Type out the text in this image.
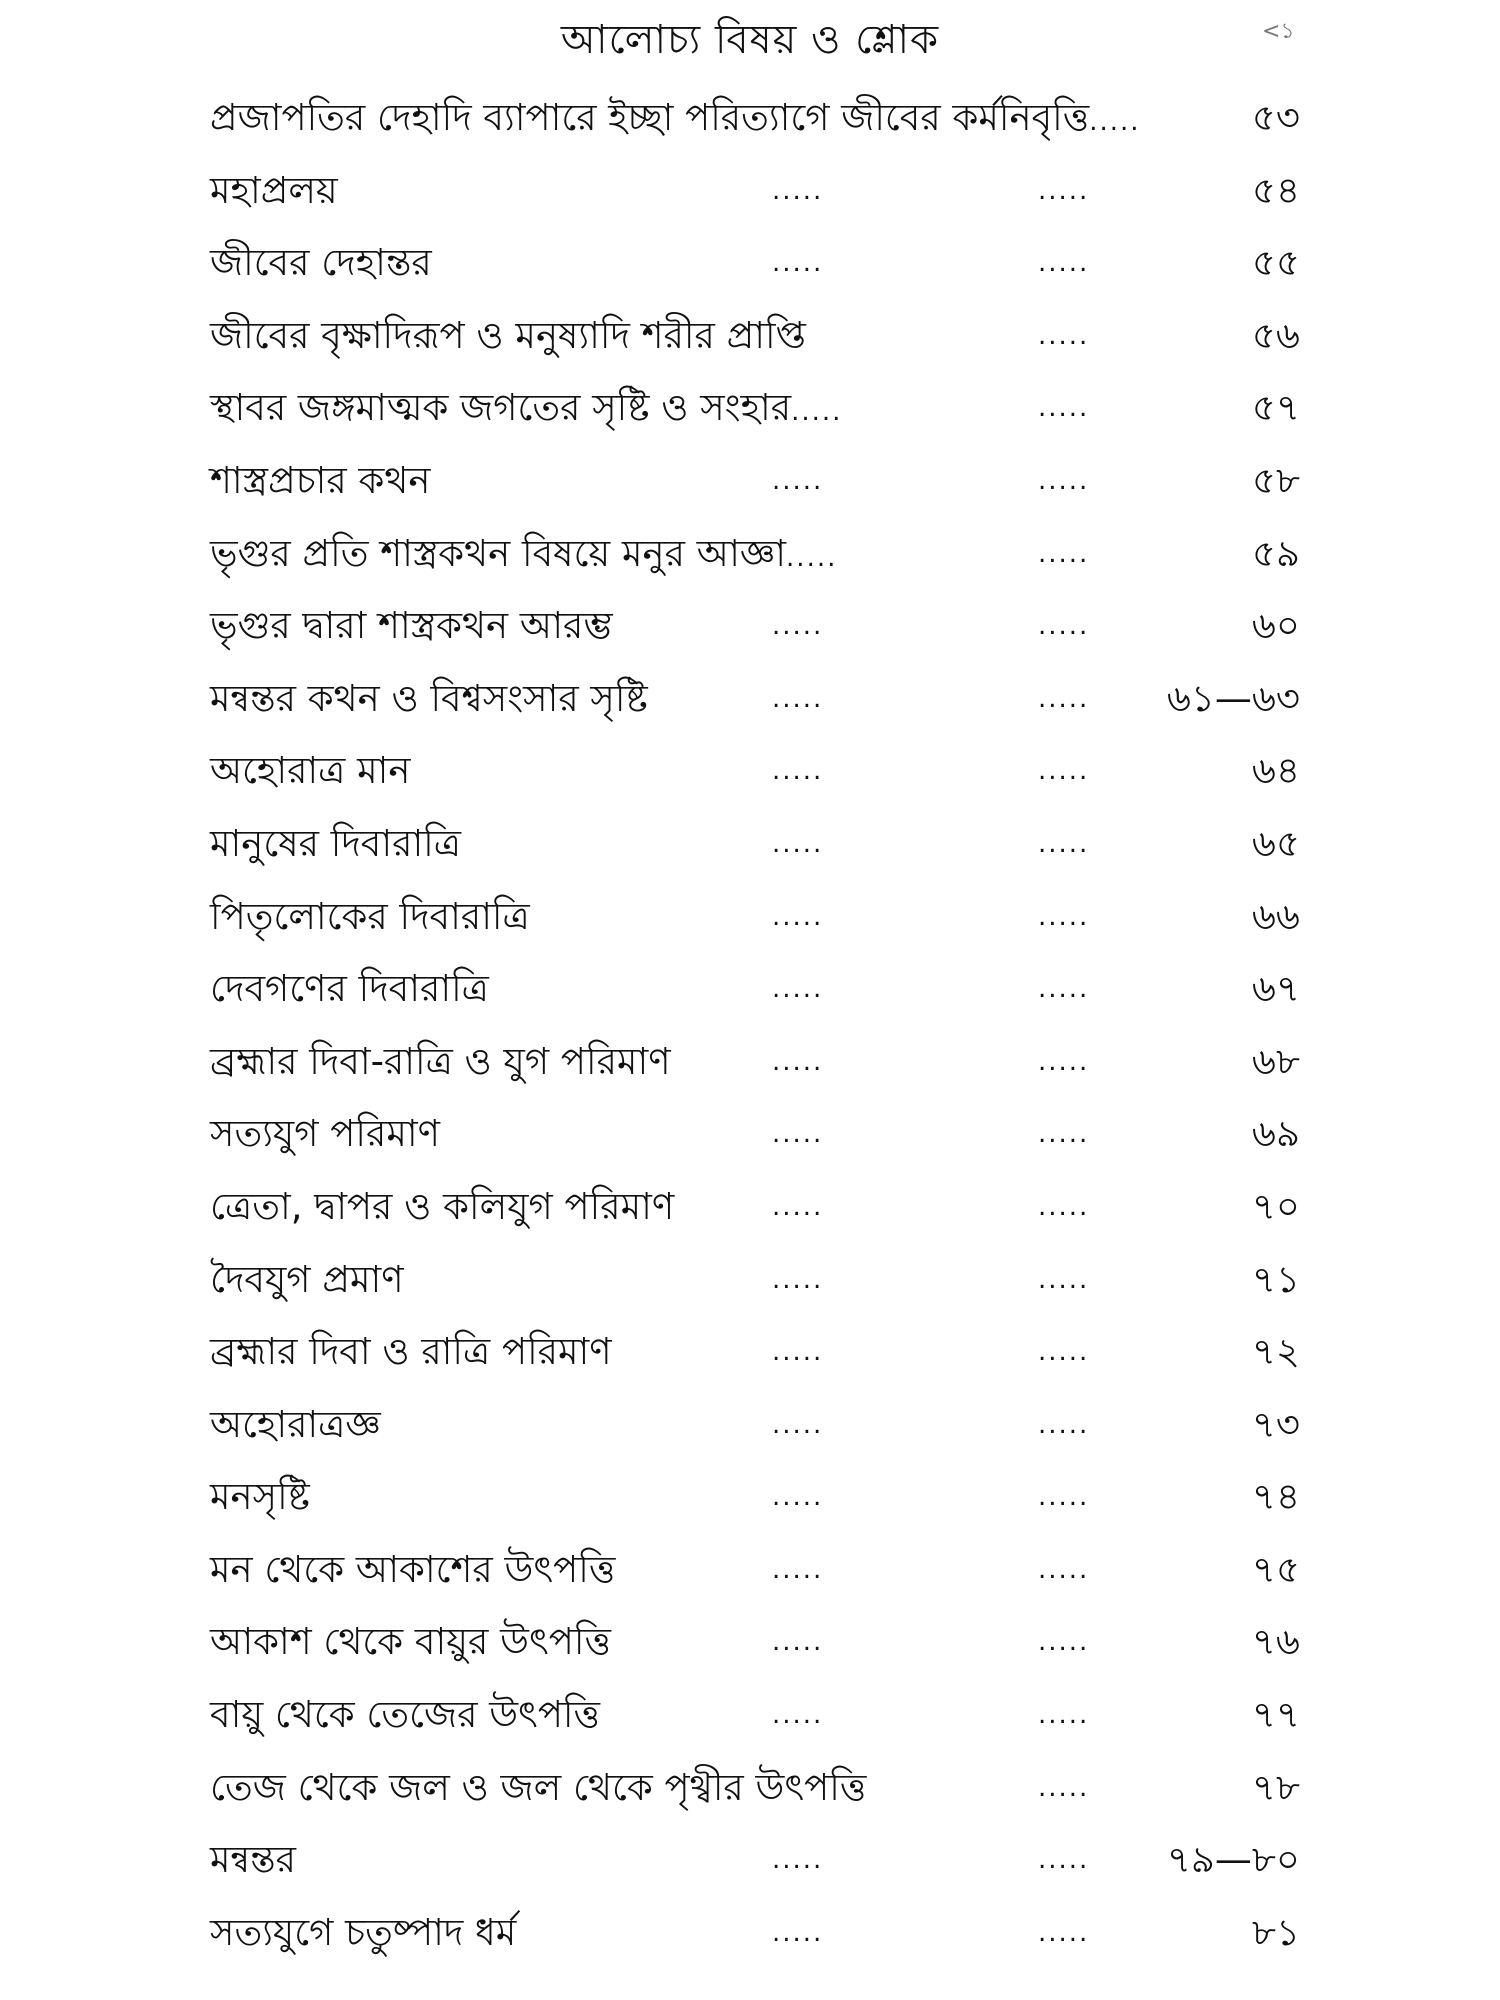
আলোচ্য বিষয় ও শ্লোক	<১
প্রজাপতির দেহাদি ব্যাপারে ইচ্ছা পরিত্যাগে জীবের কর্মনিবৃত্তি.....	৫৩
মহাপ্রলয়	.....	.....	৫৪
জীবের দেহান্তর	.....	.....	৫৫
জীবের বৃক্ষাদিরূপ ও মনুষ্যাদি শরীর প্রাপ্তি	.....	৫৬
স্থাবর জঙ্গমাত্মক জগতের সৃষ্টি ও সংহার.....	.....	৫৭
শাস্ত্রপ্রচার কথন	.....	.....	৫৮
ভৃগুর প্রতি শাস্ত্রকথন বিষয়ে মনুর আজ্ঞা.....	.....	৫৯
ভৃগুর দ্বারা শাস্ত্রকথন আরম্ভ	.....	.....	৬০
মন্বন্তর কথন ও বিশ্বসংসার সৃষ্টি	.....	..... ৬১—৬৩
অহোরাত্র মান	.....	.....	৬৪
মানুষের দিবারাত্রি	.....	.....	৬৫
পিতৃলোকের দিবারাত্রি	.....	.....	৬৬
দেবগণের দিবারাত্রি	.....	.....	৬৭
ব্রহ্মার দিবা-রাত্রি ও যুগ পরিমাণ	.....	.....	৬৮
সত্যযুগ পরিমাণ	.....	.....	৬৯
ত্রেতা, দ্বাপর ও কলিযুগ পরিমাণ	.....	.....	৭০
দৈবযুগ প্রমাণ	.....	.....	৭১
ব্রহ্মার দিবা ও রাত্রি পরিমাণ	.....	.....	৭২
অহোরাত্রজ্ঞ	.....	.....	৭৩
মনসৃষ্টি	.....	.....	৭৪
মন থেকে আকাশের উৎপত্তি	.....	.....	৭৫
আকাশ থেকে বায়ুর উৎপত্তি	.....	.....	৭৬
বায়ু থেকে তেজের উৎপত্তি	.....	.....	৭৭
তেজ থেকে জল ও জল থেকে পৃথ্বীর উৎপত্তি	.....	৭৮
মন্বন্তর	.....	..... ৭৯—৮০
সত্যযুগে চতুষ্পাদ ধর্ম	.....	.....	৮১
